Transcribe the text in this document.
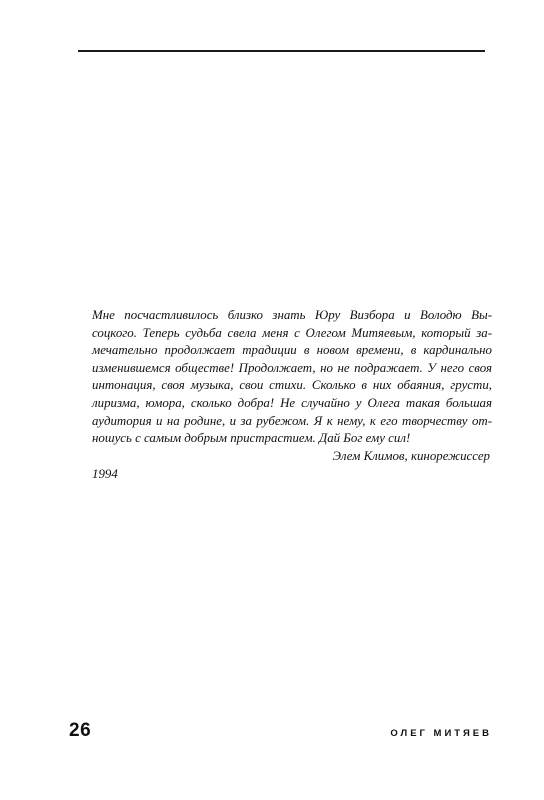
Мне посчастливилось близко знать Юру Визбора и Володю Вы-
соцкого. Теперь судьба свела меня с Олегом Митяевым, который за-
мечательно продолжает традиции в новом времени, в кардинально
изменившемся обществе! Продолжает, но не подражает. У него своя
интонация, своя музыка, свои стихи. Сколько в них обаяния, грусти,
лиризма, юмора, сколько добра! Не случайно у Олега такая большая
аудитория и на родине, и за рубежом. Я к нему, к его творчеству от-
ношусь с самым добрым пристрастием. Дай Бог ему сил!
Элем Климов, кинорежиссер
1994
26	ОЛЕГ МИТЯЕВ
